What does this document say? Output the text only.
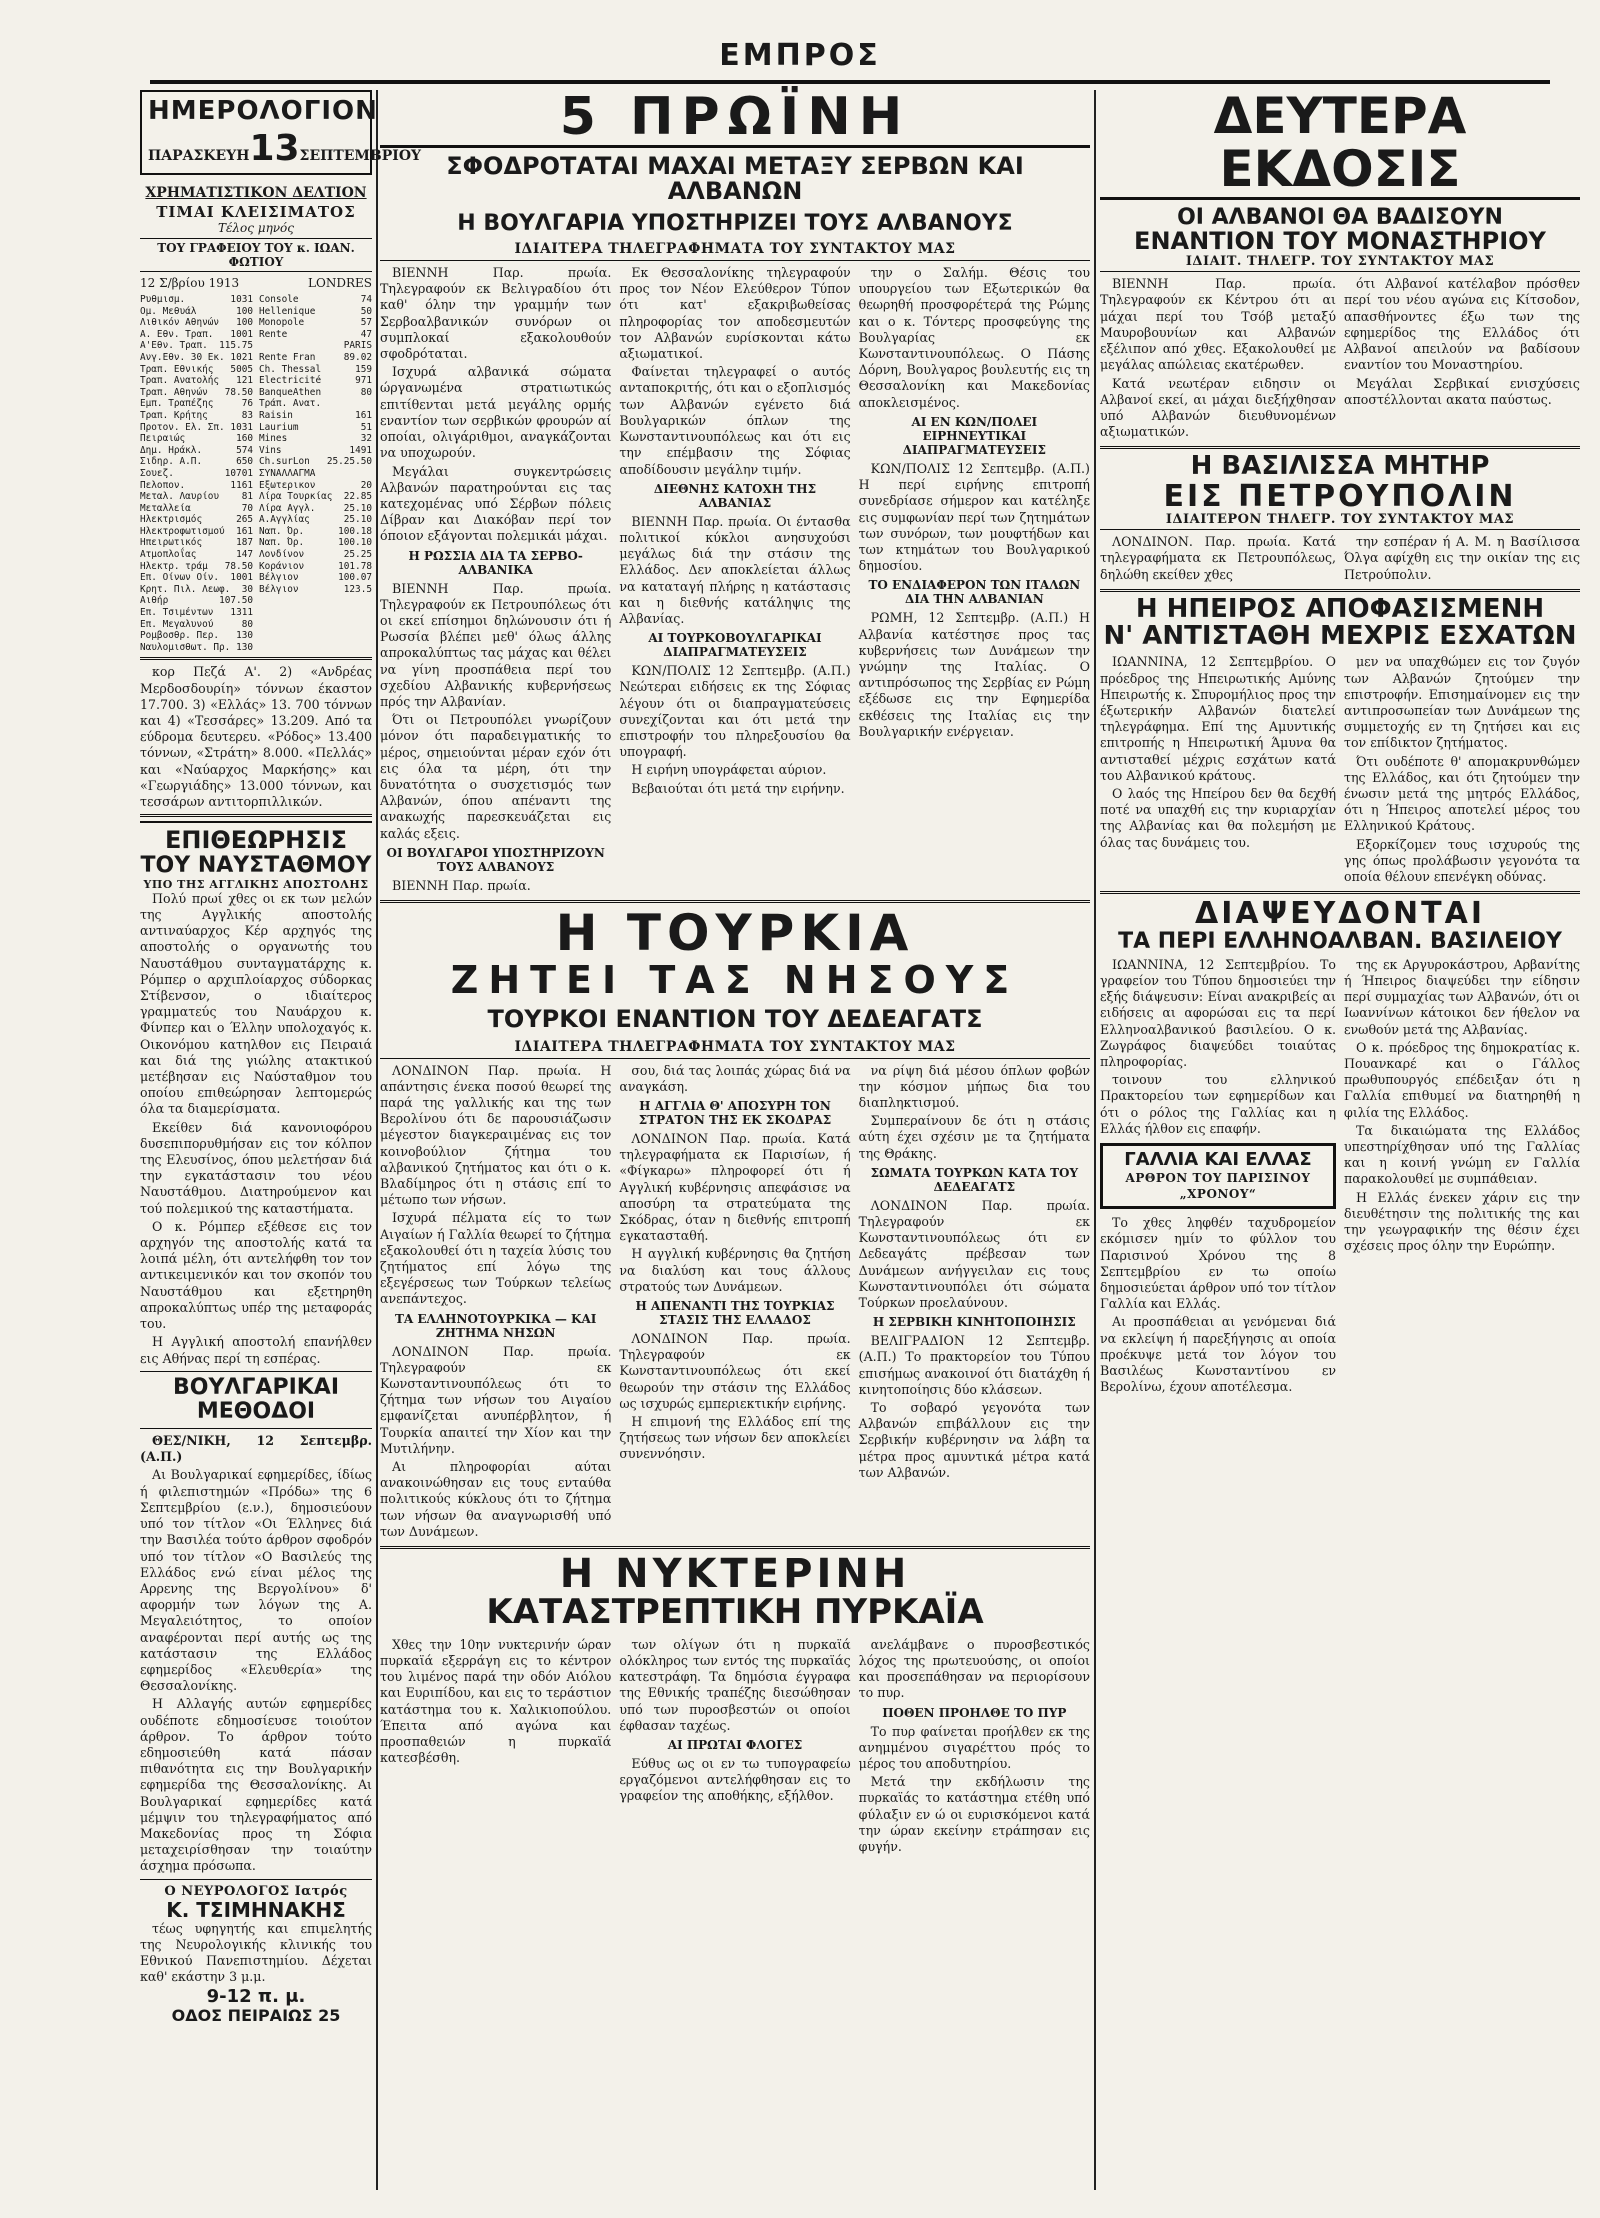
ΕΜΠΡΟΣ
ΗΜΕΡΟΛΟΓΙΟΝ
ΠΑΡΑΣΚΕΥΗ 13 ΣΕΠΤΕΜΒΡΙΟΥ
ΧΡΗΜΑΤΙΣΤΙΚΟΝ ΔΕΛΤΙΟΝ
ΤΙΜΑΙ ΚΛΕΙΣΙΜΑΤΟΣ
Τέλος μηνός
ΤΟΥ ΓΡΑΦΕΙΟΥ ΤΟΥ κ. ΙΩΑΝ. ΦΩΤΙΟΥ
12 Σ/βρίου 1913	LONDRES
Ρυθμισμ.	1031
Ομ. Μεθυάλ	100
Λιθικόν Αθηνών 100
Α. Εθν. Τραπ. 1001
Α'Εθν. Τραπ. 115.75
Ανγ.Εθν. 30 Εκ. 1021
Τραπ. Εθνικής 5005
Τραπ. Ανατολής 121
Τραπ. Αθηνών 78.50
Εμπ. Τραπέζης	76
Τραπ. Κρήτης	83
Προτον. Ελ. Σπ. 1031
Πειραιώς	160
Δημ. Ηράκλ.	574
Σιδηρ. Α.Π.	650
Σουεζ.	10701
Πελοπον.	1161
Μεταλ. Λαυρίου 81
Μεταλλεία	70
Ηλεκτρισμός	265
Ηλεκτροφωτισμού 161
Ηπειρωτικός	187
Ατμοπλοΐας	147
Ηλεκτρ. τράμ 78.50
Επ. Οίνων Οίν. 1001
Κρητ. Πιλ. Λεωφ. 30
Αιθήρ	107.50
Επ. Τσιμέντων 1311
Επ. Μεγαλυνού	80
Ρομβοσθρ. Περ. 130
Ναυλομισθωτ. Πρ. 130
Console	74
Hellenique	50
Monopole	57
Rente	47
PARIS
Rente Fran	89.02
Ch. Thessal	159
Electricité	971
BanqueAthen	80
Τράπ. Ανατ.
Raisin	161
Laurium	51
Mines	32
Vins	1491
Ch.surLon 25.25.50
ΣΥΝΑΛΛΑΓΜΑ
Εξωτερικον	20
Λίρα Τουρκίας 22.85
Λίρα Αγγλ.	25.10
Α.Αγγλίας	25.10
Ναπ. Όρ.	100.18
Ναπ. Όρ.	100.10
Λονδίνον	25.25
Κοράνιον	101.78
Βέλγιον	100.07
Βέλγιον	123.5

κορ Πεζά Α'. 2) «Ανδρέας Μερδοσδουρίη» τόννων έκαστον 17.700. 3) «Ελλάς» 13. 700 τόννων και 4) «Τεσσάρες» 13.209. Από τα εύδρομα δευτερευ. «Ρόδος» 13.400 τόννων, «Στράτη» 8.000. «Πελλάς» και «Ναύαρχος Μαρκήσης» και «Γεωργιάδης» 13.000 τόννων, και τεσσάρων αντιτορπιλλικών.

ΕΠΙΘΕΩΡΗΣΙΣ
ΤΟΥ ΝΑΥΣΤΑΘΜΟΥ
ΥΠΟ ΤΗΣ ΑΓΓΛΙΚΗΣ ΑΠΟΣΤΟΛΗΣ

Πολύ πρωί χθες οι εκ των μελών της Αγγλικής αποστολής αντιναύαρχος Κέρ αρχηγός της αποστολής ο οργανωτής του Ναυστάθμου συνταγματάρχης κ. Ρόμπερ ο αρχιπλοίαρχος σύδορκας Στίβενσον, ο ιδιαίτερος γραμματεύς του Ναυάρχου κ. Φίνπερ και ο Έλλην υπολοχαγός κ. Οικονόμου κατηλθον εις Πειραιά και διά της γιώλης ατακτικού μετέβησαν εις Ναύσταθμον του οποίου επιθεώρησαν λεπτομερώς όλα τα διαμερίσματα.

Εκείθεν διά κανονιοφόρου δυσεπιπορυθμήσαν εις τον κόλπον της Ελευσίνος, όπου μελετήσαν διά την εγκατάστασιν του νέου Ναυστάθμου. Διατηρούμενον και τού πολεμικού της καταστήματα.

Ο κ. Ρόμπερ εξέθεσε εις τον αρχηγόν της αποστολής κατά τα λοιπά μέλη, ότι αντελήφθη τον τον αντικειμενικόν και τον σκοπόν του Ναυστάθμου και εξετηρηθη απροκαλύπτως υπέρ της μεταφοράς του.

Η Αγγλική αποστολή επανήλθεν εις Αθήνας περί τη εσπέρας.

ΒΟΥΛΓΑΡΙΚΑΙ ΜΕΘΟΔΟΙ

ΘΕΣ/ΝΙΚΗ, 12 Σεπτεμβρ. (Α.Π.)

Αι Βουλγαρικαί εφημερίδες, ίδίως ή φιλεπιστημών «Πρόδω» της 6 Σεπτεμβρίου (ε.ν.), δημοσιεύουν υπό τον τίτλον «Οι Έλληνες διά την Βασιλέα τούτο άρθρον σφοδρόν υπό τον τίτλον «Ο Βασιλεύς της Ελλάδος ενώ είναι μέλος της Αρρενης της Βεργολίνου» δ' αφορμήν των λόγων της Α. Μεγαλειότητος, το οποίον αναφέρονται περί αυτής ως της κατάστασιν της Ελλάδος εφημερίδος «Ελευθερία» της Θεσσαλονίκης.

Η Αλλαγής αυτών εφημερίδες ουδέποτε εδημοσίευσε τοιούτον άρθρον. Το άρθρον τούτο εδημοσιεύθη κατά πάσαν πιθανότητα εις την Βουλγαρικήν εφημερίδα της Θεσσαλονίκης. Αι Βουλγαρικαί εφημερίδες κατά μέμψιν του τηλεγραφήματος από Μακεδονίας προς τη Σόφια μεταχειρίσθησαν την τοιαύτην άσχημα πρόσωπα.

Ο ΝΕΥΡΟΛΟΓΟΣ Ιατρός
Κ. ΤΣΙΜΗΝΑΚΗΣ

τέως υφηγητής και επιμελητής της Νευρολογικής κλινικής του Εθνικού Πανεπιστημίου. Δέχεται καθ' εκάστην 3 μ.μ.

9-12 π. μ.
ΟΔΟΣ ΠΕΙΡΑΙΩΣ 25
5 ΠΡΩΪΝΗ
ΣΦΟΔΡΟΤΑΤΑΙ ΜΑΧΑΙ ΜΕΤΑΞΥ ΣΕΡΒΩΝ ΚΑΙ ΑΛΒΑΝΩΝ
Η ΒΟΥΛΓΑΡΙΑ ΥΠΟΣΤΗΡΙΖΕΙ ΤΟΥΣ ΑΛΒΑΝΟΥΣ
ΙΔΙΑΙΤΕΡΑ ΤΗΛΕΓΡΑΦΗΜΑΤΑ ΤΟΥ ΣΥΝΤΑΚΤΟΥ ΜΑΣ

ΒΙΕΝΝΗ Παρ. πρωία. Τηλεγραφούν εκ Βελιγραδίου ότι καθ' όλην την γραμμήν των Σερβοαλβανικών συνόρων οι συμπλοκαί εξακολουθούν σφοδρόταται.

Ισχυρά αλβανικά σώματα ώργανωμένα στρατιωτικώς επιτίθενται μετά μεγάλης ορμής εναντίον των σερβικών φρουρών αί οποίαι, ολιγάριθμοι, αναγκάζονται να υποχωρούν.

Μεγάλαι συγκεντρώσεις Αλβανών παρατηρούνται εις τας κατεχομένας υπό Σέρβων πόλεις Δίβραν και Διακόβαν περί τον όποιον εξάγονται πολεμικάι μάχαι.

Η ΡΩΣΣΙΑ ΔΙΑ ΤΑ ΣΕΡΒΟ-ΑΛΒΑΝΙΚΑ

ΒΙΕΝΝΗ Παρ. πρωία. Τηλεγραφούν εκ Πετρουπόλεως ότι οι εκεί επίσημοι δηλώνουσιν ότι ή Ρωσσία βλέπει μεθ' όλως άλλης απροκαλύπτως τας μάχας και θέλει να γίνη προσπάθεια περί του σχεδίου Αλβανικής κυβερνήσεως πρός την Αλβανίαν.

Ότι οι Πετρουπόλει γνωρίζουν μόνον ότι παραδειγματικής το μέρος, σημειούνται μέραν εχόν ότι εις όλα τα μέρη, ότι την δυνατότητα ο συσχετισμός των Αλβανών, όπου απέναντι της ανακωχής παρεσκευάζεται εις καλάς εξεις.

ΟΙ ΒΟΥΛΓΑΡΟΙ ΥΠΟΣΤΗΡΙΖΟΥΝ ΤΟΥΣ ΑΛΒΑΝΟΥΣ

ΒΙΕΝΝΗ Παρ. πρωία.

Εκ Θεσσαλονίκης τηλεγραφούν προς τον Νέον Ελεύθερον Τύπον ότι κατ' εξακριβωθείσας πληροφορίας τον αποδεσμευτών τον Αλβανών ευρίσκονται κάτω αξιωματικοί.

Φαίνεται τηλεγραφεί ο αυτός ανταποκριτής, ότι και ο εξοπλισμός των Αλβανών εγένετο διά Βουλγαρικών όπλων της Κωνσταντινουπόλεως και ότι εις την επέμβασιν της Σόφιας αποδίδουσιν μεγάλην τιμήν.

ΔΙΕΘΝΗΣ ΚΑΤΟΧΗ ΤΗΣ ΑΛΒΑΝΙΑΣ

ΒΙΕΝΝΗ Παρ. πρωία. Οι έντασθα πολιτικοί κύκλοι ανησυχούσι μεγάλως διά την στάσιν της Ελλάδος. Δεν αποκλείεται άλλως να καταταγή πλήρης η κατάστασις και η διεθνής κατάληψις της Αλβανίας.

ΑΙ ΤΟΥΡΚΟΒΟΥΛΓΑΡΙΚΑΙ ΔΙΑΠΡΑΓΜΑΤΕΥΣΕΙΣ

ΚΩΝ/ΠΟΛΙΣ 12 Σεπτεμβρ. (Α.Π.) Νεώτεραι ειδήσεις εκ της Σόφιας λέγουν ότι οι διαπραγματεύσεις συνεχίζονται και ότι μετά την επιστροφήν του πληρεξουσίου θα υπογραφή.

Η ειρήνη υπογράφεται αύριον.

Βεβαιούται ότι μετά την ειρήνην.

την ο Σαλήμ. Θέσις του υπουργείου των Εξωτερικών θα θεωρηθή προσφορέτερά της Ρώμης και ο κ. Τόντερς προσφεύγης της Βουλγαρίας εκ Κωνσταντινουπόλεως. Ο Πάσης Δόρνη, Βουλγαρος βουλευτής εις τη Θεσσαλονίκη και Μακεδονίας αποκλεισμένος.

ΑΙ ΕΝ ΚΩΝ/ΠΟΛΕΙ ΕΙΡΗΝΕΥΤΙΚΑΙ ΔΙΑΠΡΑΓΜΑΤΕΥΣΕΙΣ

ΚΩΝ/ΠΟΛΙΣ 12 Σεπτεμβρ. (Α.Π.) Η περί ειρήνης επιτροπή συνεδρίασε σήμερον και κατέληξε εις συμφωνίαν περί των ζητημάτων των συνόρων, των μουφτήδων και των κτημάτων του Βουλγαρικού δημοσίου.

ΤΟ ΕΝΔΙΑΦΕΡΟΝ ΤΩΝ ΙΤΑΛΩΝ ΔΙΑ ΤΗΝ ΑΛΒΑΝΙΑΝ

ΡΩΜΗ, 12 Σεπτεμβρ. (Α.Π.) Η Αλβανία κατέστησε προς τας κυβερνήσεις των Δυνάμεων την γνώμην της Ιταλίας. Ο αντιπρόσωπος της Σερβίας εν Ρώμη εξέδωσε εις την Εφημερίδα εκθέσεις της Ιταλίας εις την Βουλγαρικήν ενέργειαν.

Η ΤΟΥΡΚΙΑ
ΖΗΤΕΙ ΤΑΣ ΝΗΣΟΥΣ
ΤΟΥΡΚΟΙ ΕΝΑΝΤΙΟΝ ΤΟΥ ΔΕΔΕΑΓΑΤΣ
ΙΔΙΑΙΤΕΡΑ ΤΗΛΕΓΡΑΦΗΜΑΤΑ ΤΟΥ ΣΥΝΤΑΚΤΟΥ ΜΑΣ

ΛΟΝΔΙΝΟΝ Παρ. πρωία. Η απάντησις ένεκα ποσού θεωρεί της παρά της γαλλικής και της των Βερολίνου ότι δε παρουσιάζωσιν μέγεστον διαγκεραιμένας εις τον κοινοβούλιον ζήτημα του αλβανικού ζητήματος και ότι ο κ. Βλαδίμηρος ότι η στάσις επί το μέτωπο των νήσων.

Ισχυρά πέλματα είς το των Αιγαίων ή Γαλλία θεωρεί το ζήτημα εξακολουθεί ότι η ταχεία λύσις του ζητήματος επί λόγω της εξεγέρσεως των Τούρκων τελείως ανεπάντεχος.

ΤΑ ΕΛΛΗΝΟΤΟΥΡΚΙΚΑ — ΚΑΙ ΖΗΤΗΜΑ ΝΗΣΩΝ

ΛΟΝΔΙΝΟΝ Παρ. πρωία. Τηλεγραφούν εκ Κωνσταντινουπόλεως ότι το ζήτημα των νήσων του Αιγαίου εμφανίζεται ανυπέρβλητον, ή Τουρκία απαιτεί την Χίον και την Μυτιλήνην.

Αι πληροφορίαι αύται ανακοινώθησαν εις τους ενταύθα πολιτικούς κύκλους ότι το ζήτημα των νήσων θα αναγνωρισθή υπό των Δυνάμεων.

σου, διά τας λοιπάς χώρας διά να αναγκάση.

Η ΑΓΓΛΙΑ Θ' ΑΠΟΣΥΡΗ ΤΟΝ ΣΤΡΑΤΟΝ ΤΗΣ ΕΚ ΣΚΟΔΡΑΣ

ΛΟΝΔΙΝΟΝ Παρ. πρωία. Κατά τηλεγραφήματα εκ Παρισίων, ή «Φίγκαρω» πληροφορεί ότι ή Αγγλική κυβέρνησις απεφάσισε να αποσύρη τα στρατεύματα της Σκόδρας, όταν η διεθνής επιτροπή εγκατασταθή.

Η αγγλική κυβέρνησις θα ζητήση να διαλύση και τους άλλους στρατούς των Δυνάμεων.

Η ΑΠΕΝΑΝΤΙ ΤΗΣ ΤΟΥΡΚΙΑΣ ΣΤΑΣΙΣ ΤΗΣ ΕΛΛΑΔΟΣ

ΛΟΝΔΙΝΟΝ Παρ. πρωία. Τηλεγραφούν εκ Κωνσταντινουπόλεως ότι εκεί θεωρούν την στάσιν της Ελλάδος ως ισχυρώς εμπεριεκτικήν ειρήνης.

Η επιμονή της Ελλάδος επί της ζητήσεως των νήσων δεν αποκλείει συνεννόησιν.

να ρίψη διά μέσου όπλων φοβών την κόσμον μήπως δια του διαπληκτισμού.

Συμπεραίνουν δε ότι η στάσις αύτη έχει σχέσιν με τα ζητήματα της Θράκης.

ΣΩΜΑΤΑ ΤΟΥΡΚΩΝ ΚΑΤΑ ΤΟΥ ΔΕΔΕΑΓΑΤΣ

ΛΟΝΔΙΝΟΝ Παρ. πρωία. Τηλεγραφούν εκ Κωνσταντινουπόλεως ότι εν Δεδεαγάτς πρέβεσαν των Δυνάμεων ανήγγειλαν εις τους Κωνσταντινουπόλει ότι σώματα Τούρκων προελαύνουν.

Η ΣΕΡΒΙΚΗ ΚΙΝΗΤΟΠΟΙΗΣΙΣ

ΒΕΛΙΓΡΑΔΙΟΝ 12 Σεπτεμβρ. (Α.Π.) Το πρακτορείον του Τύπου επισήμως ανακοινοί ότι διατάχθη ή κινητοποίησις δύο κλάσεων.

Το σοβαρό γεγονότα των Αλβανών επιβάλλουν εις την Σερβικήν κυβέρνησιν να λάβη τα μέτρα προς αμυντικά μέτρα κατά των Αλβανών.

Η ΝΥΚΤΕΡΙΝΗ
ΚΑΤΑΣΤΡΕΠΤΙΚΗ ΠΥΡΚΑΪΑ

Χθες την 10ην νυκτερινήν ώραν πυρκαϊά εξερράγη εις το κέντρον του λιμένος παρά την οδόν Αιόλου και Ευριπίδου, και εις το τεράστιον κατάστημα του κ. Χαλικιοπούλου. Έπειτα από αγώνα και προσπαθειών η πυρκαϊά κατεσβέσθη.

των ολίγων ότι η πυρκαϊά ολόκληρος των εντός της πυρκαϊάς κατεστράφη. Τα δημόσια έγγραφα της Εθνικής τραπέζης διεσώθησαν υπό των πυροσβεστών οι οποίοι έφθασαν ταχέως.

ΑΙ ΠΡΩΤΑΙ ΦΛΟΓΕΣ

Εύθυς ως οι εν τω τυπογραφείω εργαζόμενοι αντελήφθησαν εις το γραφείον της αποθήκης, εξήλθον.

ανελάμβανε ο πυροσβεστικός λόχος της πρωτευούσης, οι οποίοι και προσεπάθησαν να περιορίσουν το πυρ.

ΠΟΘΕΝ ΠΡΟΗΛΘΕ ΤΟ ΠΥΡ

Το πυρ φαίνεται προήλθεν εκ της ανημμένου σιγαρέττου πρός το μέρος του αποδυτηρίου.

Μετά την εκδήλωσιν της πυρκαϊάς το κατάστημα ετέθη υπό φύλαξιν εν ώ οι ευρισκόμενοι κατά την ώραν εκείνην ετράπησαν εις φυγήν.

ΔΕΥΤΕΡΑ ΕΚΔΟΣΙΣ
ΟΙ ΑΛΒΑΝΟΙ ΘΑ ΒΑΔΙΣΟΥΝ
ΕΝΑΝΤΙΟΝ ΤΟΥ ΜΟΝΑΣΤΗΡΙΟΥ
ΙΔΙΑΙΤ. ΤΗΛΕΓΡ. ΤΟΥ ΣΥΝΤΑΚΤΟΥ ΜΑΣ

ΒΙΕΝΝΗ Παρ. πρωία. Τηλεγραφούν εκ Κέντρου ότι αι μάχαι περί του Τσόβ μεταξύ Μαυροβουνίων και Αλβανών εξέλιπον από χθες. Εξακολουθεί με μεγάλας απώλειας εκατέρωθεν.

Κατά νεωτέραν ειδησιν οι Αλβανοί εκεί, αι μάχαι διεξήχθησαν υπό Αλβανών διευθυνομένων αξιωματικών.

ότι Αλβανοί κατέλαβον πρόσθεν περί του νέου αγώνα εις Κίτσοδον, απασθήνοντες έξω των της εφημερίδος της Ελλάδος ότι Αλβανοί απειλούν να βαδίσουν εναντίον του Μοναστηρίου.

Μεγάλαι Σερβικαί ενισχύσεις αποστέλλονται ακατα παύστως.

Η ΒΑΣΙΛΙΣΣΑ ΜΗΤΗΡ
ΕΙΣ ΠΕΤΡΟΥΠΟΛΙΝ
ΙΔΙΑΙΤΕΡΟΝ ΤΗΛΕΓΡ. ΤΟΥ ΣΥΝΤΑΚΤΟΥ ΜΑΣ

ΛΟΝΔΙΝΟΝ. Παρ. πρωία. Κατά τηλεγραφήματα εκ Πετρουπόλεως, δηλώθη εκείθεν χθες

την εσπέραν ή Α. Μ. η Βασίλισσα Όλγα αφίχθη εις την οικίαν της εις Πετρούπολιν.

Η ΗΠΕΙΡΟΣ ΑΠΟΦΑΣΙΣΜΕΝΗ
Ν' ΑΝΤΙΣΤΑΘΗ ΜΕΧΡΙΣ ΕΣΧΑΤΩΝ

ΙΩΑΝΝΙΝΑ, 12 Σεπτεμβρίου. Ο πρόεδρος της Ηπειρωτικής Αμύνης Ηπειρωτής κ. Σπυρομήλιος προς την έξωτερικήν Αλβανών διατελεί τηλεγράφημα. Επί της Αμυντικής επιτροπής η Ηπειρωτική Άμυνα θα αντισταθεί μέχρις εσχάτων κατά του Αλβανικού κράτους.

Ο λαός της Ηπείρου δεν θα δεχθή ποτέ να υπαχθή εις την κυριαρχίαν της Αλβανίας και θα πολεμήση με όλας τας δυνάμεις του.

μεν να υπαχθώμεν εις τον ζυγόν των Αλβανών ζητούμεν την επιστροφήν. Επισημαίνομεν εις την αντιπροσωπείαν των Δυνάμεων της συμμετοχής εν τη ζητήσει και εις τον επίδικτον ζητήματος.

Ότι ουδέποτε θ' απομακρυνθώμεν της Ελλάδος, και ότι ζητούμεν την ένωσιν μετά της μητρός Ελλάδος, ότι η Ήπειρος αποτελεί μέρος του Ελληνικού Κράτους.

Εξορκίζομεν τους ισχυρούς της γης όπως προλάβωσιν γεγονότα τα οποία θέλουν επενέγκη οδύνας.

ΔΙΑΨΕΥΔΟΝΤΑΙ
ΤΑ ΠΕΡΙ ΕΛΛΗΝΟΑΛΒΑΝ. ΒΑΣΙΛΕΙΟΥ

ΙΩΑΝΝΙΝΑ, 12 Σεπτεμβρίου. Το γραφείον του Τύπου δημοσιεύει την εξής διάψευσιν: Είναι ανακριβείς αι ειδήσεις αι αφορώσαι εις τα περί Ελληνοαλβανικού βασιλείου. Ο κ. Ζωγράφος διαψεύδει τοιαύτας πληροφορίας.

τοινουν του ελληνικού Πρακτορείου των εφημερίδων και ότι ο ρόλος της Γαλλίας και η Ελλάς ήλθον εις επαφήν.

ΓΑΛΛΙΑ ΚΑΙ ΕΛΛΑΣ
ΑΡΘΡΟΝ ΤΟΥ ΠΑΡΙΣΙΝΟΥ „ΧΡΟΝΟΥ“

Το χθες ληφθέν ταχυδρομείον εκόμισεν ημίν το φύλλον του Παρισινού Χρόνου της 8 Σεπτεμβρίου εν τω οποίω δημοσιεύεται άρθρον υπό τον τίτλον Γαλλία και Ελλάς.

Αι προσπάθειαι αι γενόμεναι διά να εκλείψη ή παρεξήγησις αι οποία προέκυψε μετά τον λόγον του Βασιλέως Κωνσταντίνου εν Βερολίνω, έχουν αποτέλεσμα.

της εκ Αργυροκάστρου, Αρβανίτης ή Ήπειρος διαψεύδει την είδησιν περί συμμαχίας των Αλβανών, ότι οι Ιωαννίνων κάτοικοι δεν ήθελον να ενωθούν μετά της Αλβανίας.

Ο κ. πρόεδρος της δημοκρατίας κ. Πουανκαρέ και ο Γάλλος πρωθυπουργός επέδειξαν ότι η Γαλλία επιθυμεί να διατηρηθή η φιλία της Ελλάδος.

Τα δικαιώματα της Ελλάδος υπεστηρίχθησαν υπό της Γαλλίας και η κοινή γνώμη εν Γαλλία παρακολουθεί με συμπάθειαν.

Η Ελλάς ένεκεν χάριν εις την διευθέτησιν της πολιτικής της και την γεωγραφικήν της θέσιν έχει σχέσεις προς όλην την Ευρώπην.
